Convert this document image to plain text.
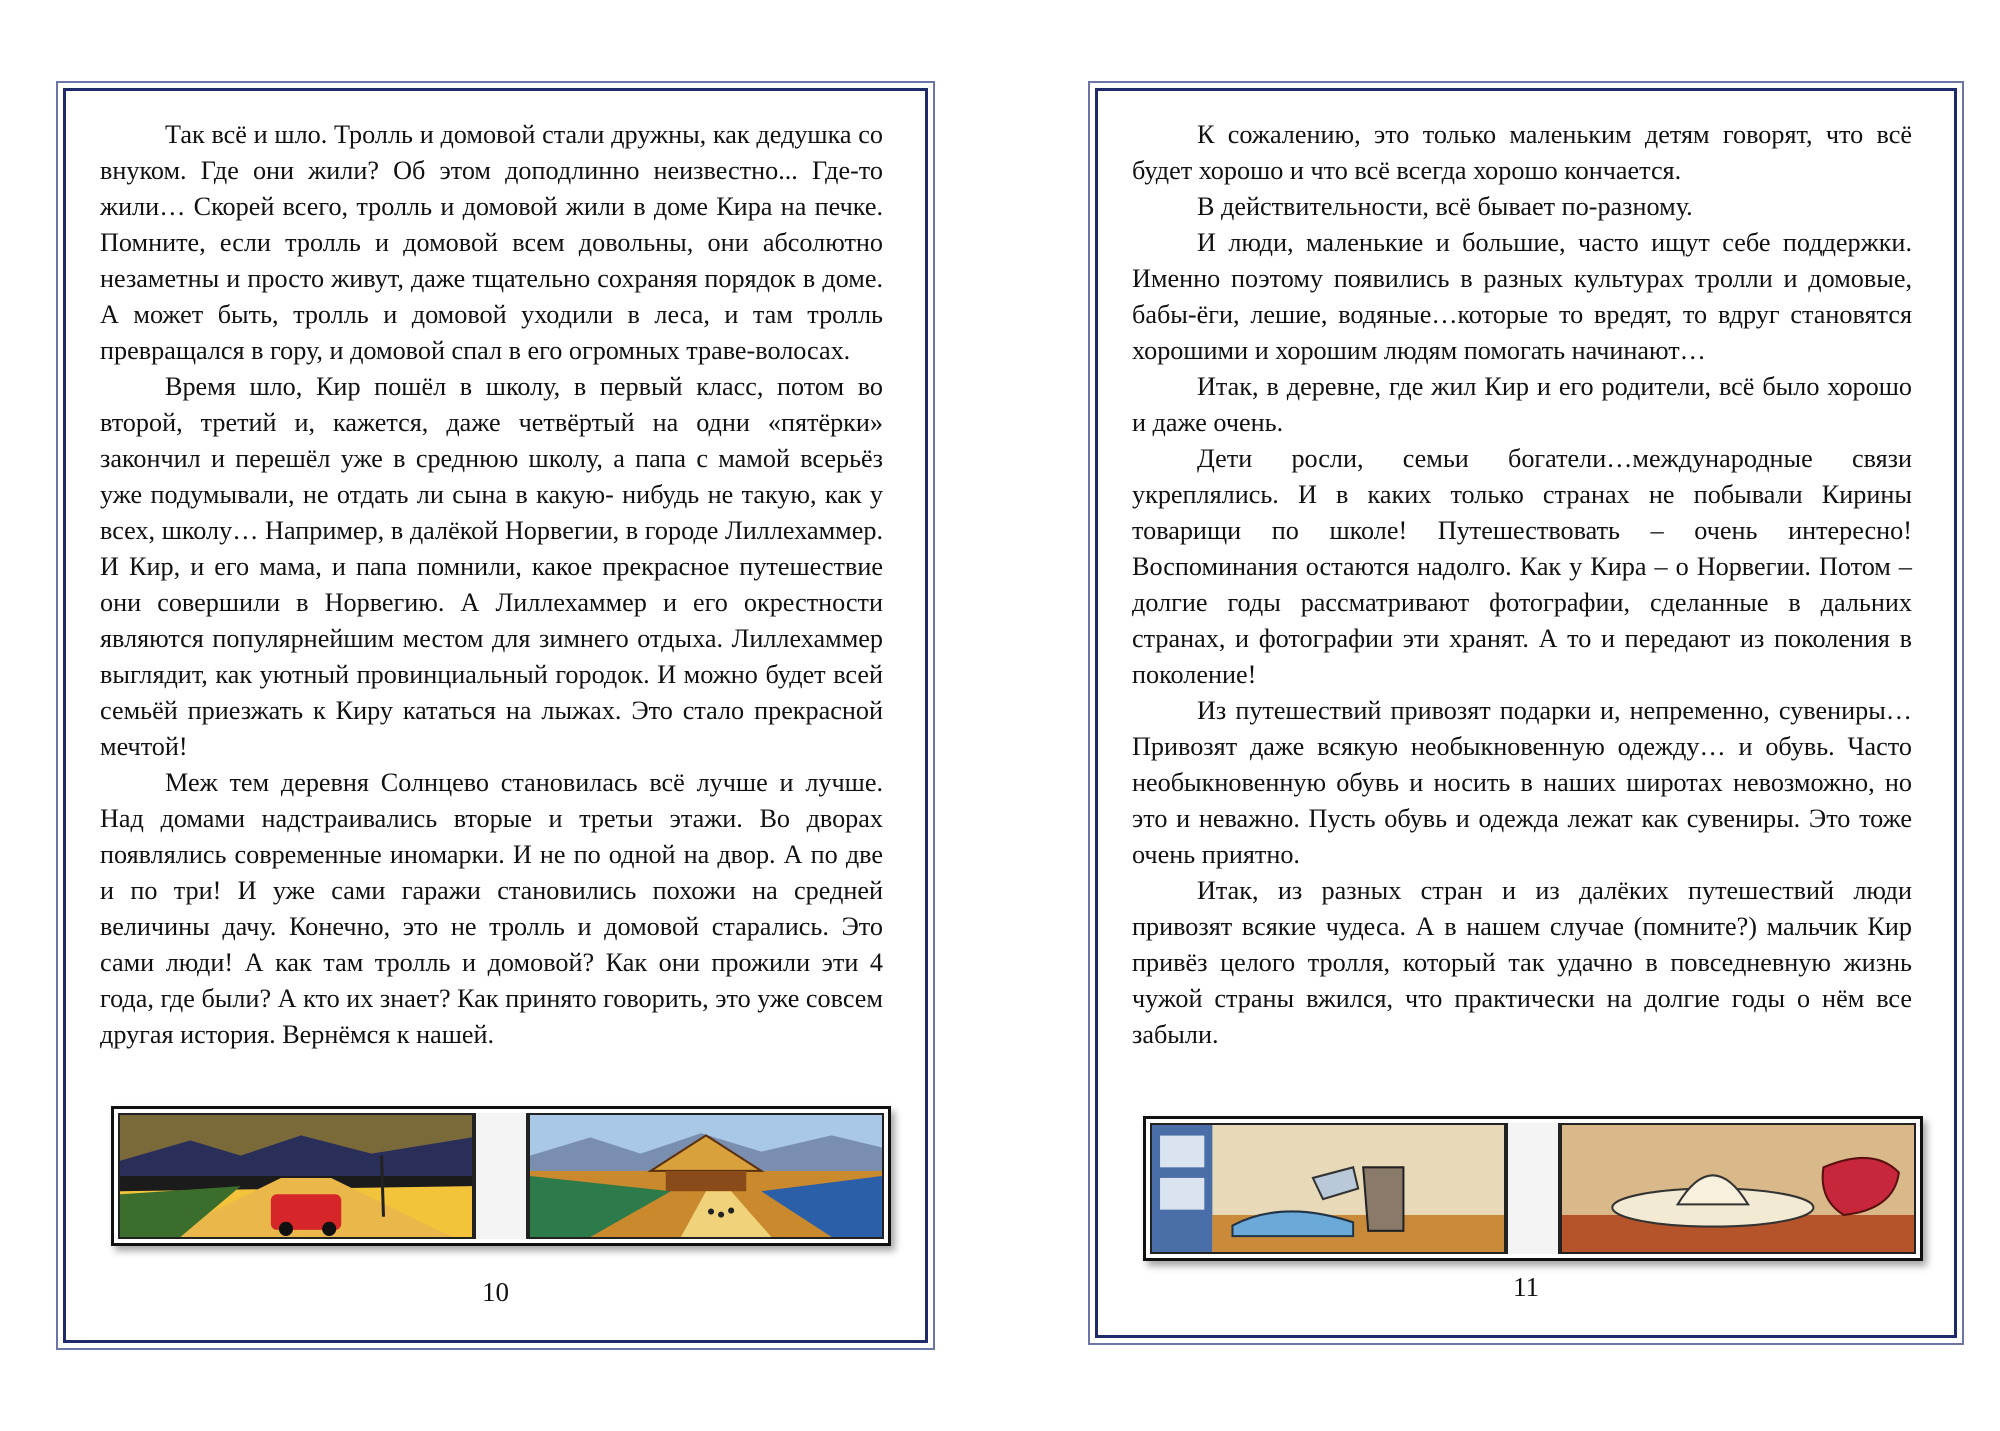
Так всё и шло. Тролль и домовой стали дружны, как дедушка со внуком. Где они жили? Об этом доподлинно неизвестно... Где-то жили… Скорей всего, тролль и домовой жили в доме Кира на печке. Помните, если тролль и домовой всем довольны, они абсолютно незаметны и просто живут, даже тщательно сохраняя порядок в доме. А может быть, тролль и домовой уходили в леса, и там тролль превращался в гору, и домовой спал в его огромных траве-волосах.

Время шло, Кир пошёл в школу, в первый класс, потом во второй, третий и, кажется, даже четвёртый на одни «пятёрки» закончил и перешёл уже в среднюю школу, а папа с мамой всерьёз уже подумывали, не отдать ли сына в какую- нибудь не такую, как у всех, школу… Например, в далёкой Норвегии, в городе Лиллехаммер. И Кир, и его мама, и папа помнили, какое прекрасное путешествие они совершили в Норвегию. А Лиллехаммер и его окрестности являются популярнейшим местом для зимнего отдыха. Лиллехаммер выглядит, как уютный провинциальный городок. И можно будет всей семьёй приезжать к Киру кататься на лыжах. Это стало прекрасной мечтой!

Меж тем деревня Солнцево становилась всё лучше и лучше. Над домами надстраивались вторые и третьи этажи. Во дворах появлялись современные иномарки. И не по одной на двор. А по две и по три! И уже сами гаражи становились похожи на средней величины дачу. Конечно, это не тролль и домовой старались. Это сами люди! А как там тролль и домовой? Как они прожили эти 4 года, где были? А кто их знает? Как принято говорить, это уже совсем другая история. Вернёмся к нашей.

10

К сожалению, это только маленьким детям говорят, что всё будет хорошо и что всё всегда хорошо кончается.

В действительности, всё бывает по-разному.

И люди, маленькие и большие, часто ищут себе поддержки. Именно поэтому появились в разных культурах тролли и домовые, бабы-ёги, лешие, водяные…которые то вредят, то вдруг становятся хорошими и хорошим людям помогать начинают…

Итак, в деревне, где жил Кир и его родители, всё было хорошо и даже очень.

Дети росли, семьи богатели…международные связи укреплялись. И в каких только странах не побывали Кирины товарищи по школе! Путешествовать – очень интересно! Воспоминания остаются надолго. Как у Кира – о Норвегии. Потом – долгие годы рассматривают фотографии, сделанные в дальних странах, и фотографии эти хранят. А то и передают из поколения в поколение!

Из путешествий привозят подарки и, непременно, сувениры… Привозят даже всякую необыкновенную одежду… и обувь. Часто необыкновенную обувь и носить в наших широтах невозможно, но это и неважно. Пусть обувь и одежда лежат как сувениры. Это тоже очень приятно.

Итак, из разных стран и из далёких путешествий люди привозят всякие чудеса. А в нашем случае (помните?) мальчик Кир привёз целого тролля, который так удачно в повседневную жизнь чужой страны вжился, что практически на долгие годы о нём все забыли.

11
